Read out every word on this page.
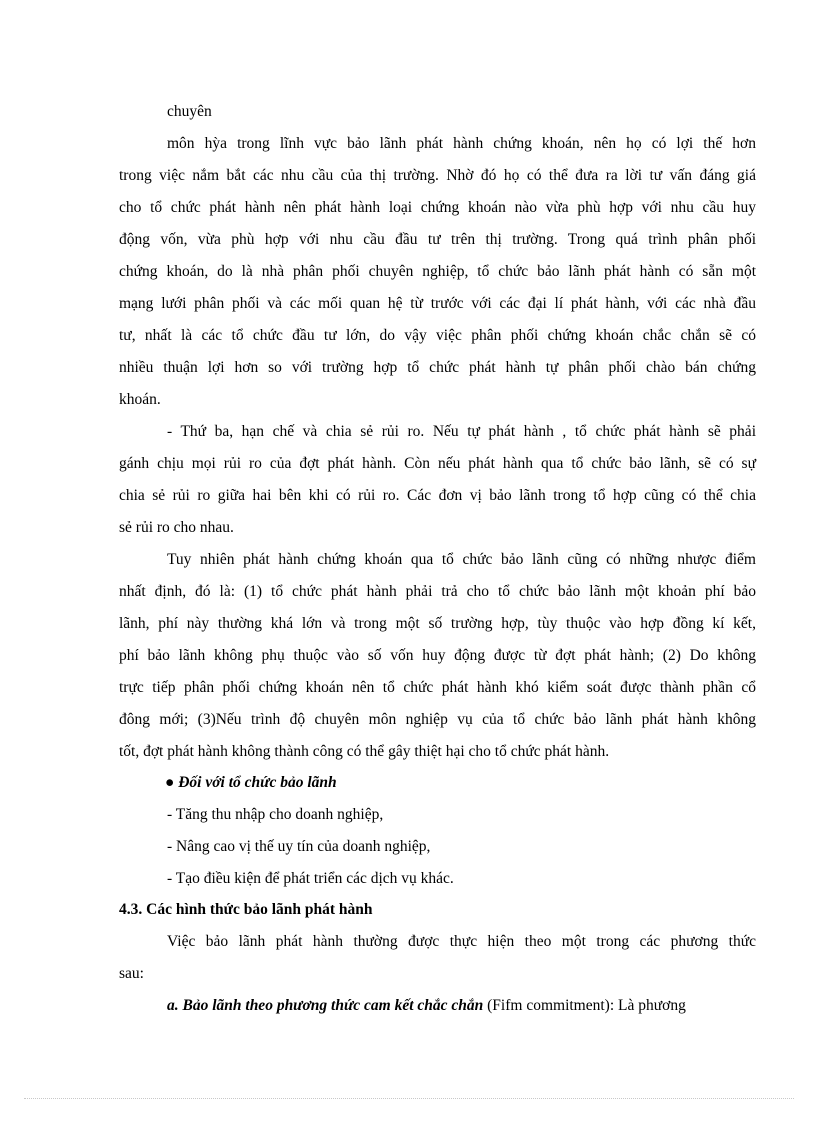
chuyên
môn hỳa trong lĩnh vực bảo lãnh phát hành chứng khoán, nên họ có lợi thế hơn
trong việc nắm bắt các nhu cầu của thị trường. Nhờ đó họ có thể đưa ra lời tư vấn đáng giá
cho tổ chức phát hành nên phát hành loại chứng khoán nào vừa phù hợp với nhu cầu huy
động vốn, vừa phù hợp với nhu cầu đầu tư trên thị trường. Trong quá trình phân phối
chứng khoán, do là nhà phân phối chuyên nghiệp, tổ chức bảo lãnh phát hành có sẵn một
mạng lưới phân phối và các mối quan hệ từ trước với các đại lí phát hành, với các nhà đầu
tư, nhất là các tổ chức đầu tư lớn, do vậy việc phân phối chứng khoán chắc chắn sẽ có
nhiều thuận lợi hơn so với trường hợp tổ chức phát hành tự phân phối chào bán chứng
khoán.
- Thứ ba, hạn chế và chia sẻ rủi ro. Nếu tự phát hành , tổ chức phát hành sẽ phải
gánh chịu mọi rủi ro của đợt phát hành. Còn nếu phát hành qua tổ chức bảo lãnh, sẽ có sự
chia sẻ rủi ro giữa hai bên khi có rủi ro. Các đơn vị bảo lãnh trong tổ hợp cũng có thể chia
sẻ rủi ro cho nhau.
Tuy nhiên phát hành chứng khoán qua tổ chức bảo lãnh cũng có những nhược điểm
nhất định, đó là: (1) tổ chức phát hành phải trả cho tổ chức bảo lãnh một khoản phí bảo
lãnh, phí này thường khá lớn và trong một số trường hợp, tùy thuộc vào hợp đồng kí kết,
phí bảo lãnh không phụ thuộc vào số vốn huy động được từ đợt phát hành; (2) Do không
trực tiếp phân phối chứng khoán nên tổ chức phát hành khó kiểm soát được thành phần cổ
đông mới; (3)Nếu trình độ chuyên môn nghiệp vụ của tổ chức bảo lãnh phát hành không
tốt, đợt phát hành không thành công có thể gây thiệt hại cho tổ chức phát hành.
● Đối với tổ chức bảo lãnh
- Tăng thu nhập cho doanh nghiệp,
- Nâng cao vị thế uy tín của doanh nghiệp,
- Tạo điều kiện để phát triển các dịch vụ khác.
4.3. Các hình thức bảo lãnh phát hành
Việc bảo lãnh phát hành thường được thực hiện theo một trong các phương thức
sau:
a. Bảo lãnh theo phương thức cam kết chắc chắn (Fifm commitment): Là phương
